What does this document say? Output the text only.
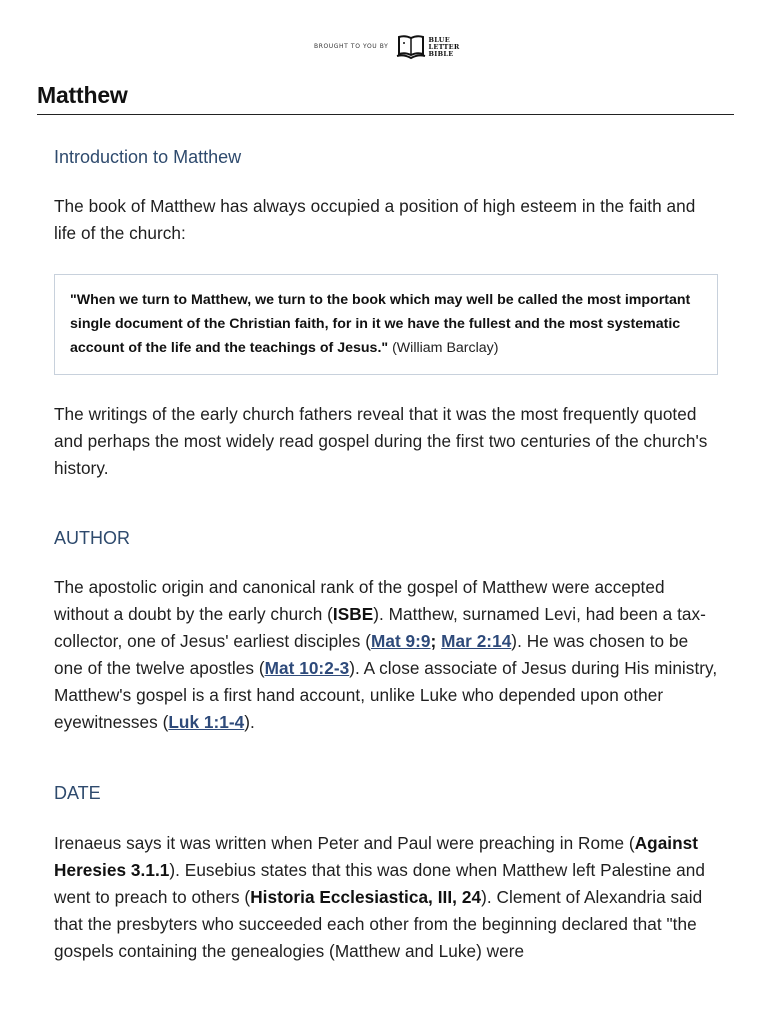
BROUGHT TO YOU BY
BLUE
LETTER
BIBLE
Matthew
Introduction to Matthew

The book of Matthew has always occupied a position of high esteem in the faith and life of the church:

"When we turn to Matthew, we turn to the book which may well be called the most important single document of the Christian faith, for in it we have the fullest and the most systematic account of the life and the teachings of Jesus." (William Barclay)

The writings of the early church fathers reveal that it was the most frequently quoted and perhaps the most widely read gospel during the first two centuries of the church's history.

AUTHOR

The apostolic origin and canonical rank of the gospel of Matthew were accepted without a doubt by the early church (ISBE). Matthew, surnamed Levi, had been a tax-collector, one of Jesus' earliest disciples (Mat 9:9; Mar 2:14). He was chosen to be one of the twelve apostles (Mat 10:2-3). A close associate of Jesus during His ministry, Matthew's gospel is a first hand account, unlike Luke who depended upon other eyewitnesses (Luk 1:1-4).

DATE

Irenaeus says it was written when Peter and Paul were preaching in Rome (Against Heresies 3.1.1). Eusebius states that this was done when Matthew left Palestine and went to preach to others (Historia Ecclesiastica, III, 24). Clement of Alexandria said that the presbyters who succeeded each other from the beginning declared that "the gospels containing the genealogies (Matthew and Luke) were
